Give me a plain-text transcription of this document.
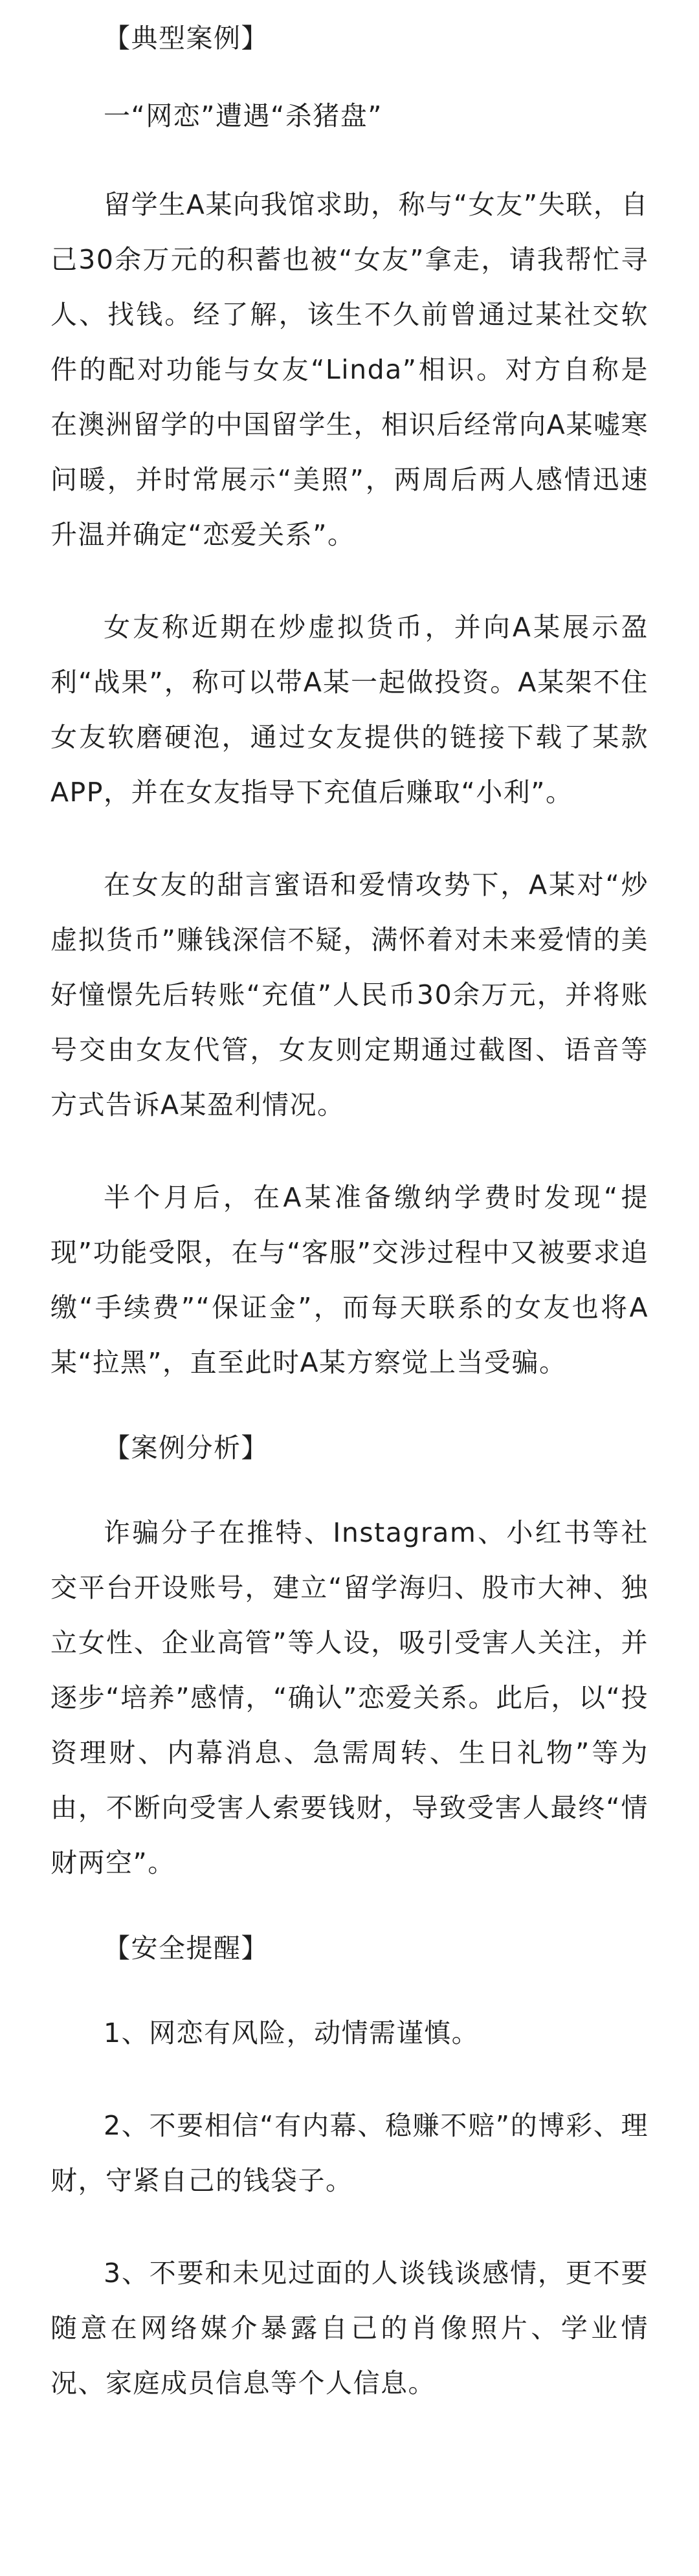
【典型案例】

一“网恋”遭遇“杀猪盘”

留学生A某向我馆求助，称与“女友”失联，自己30余万元的积蓄也被“女友”拿走，请我帮忙寻人、找钱。经了解，该生不久前曾通过某社交软件的配对功能与女友“Linda”相识。对方自称是在澳洲留学的中国留学生，相识后经常向A某嘘寒问暖，并时常展示“美照”，两周后两人感情迅速升温并确定“恋爱关系”。

女友称近期在炒虚拟货币，并向A某展示盈利“战果”，称可以带A某一起做投资。A某架不住女友软磨硬泡，通过女友提供的链接下载了某款APP，并在女友指导下充值后赚取“小利”。

在女友的甜言蜜语和爱情攻势下，A某对“炒虚拟货币”赚钱深信不疑，满怀着对未来爱情的美好憧憬先后转账“充值”人民币30余万元，并将账号交由女友代管，女友则定期通过截图、语音等方式告诉A某盈利情况。

半个月后，在A某准备缴纳学费时发现“提现”功能受限，在与“客服”交涉过程中又被要求追缴“手续费”“保证金”，而每天联系的女友也将A某“拉黑”，直至此时A某方察觉上当受骗。

【案例分析】

诈骗分子在推特、Instagram、小红书等社交平台开设账号，建立“留学海归、股市大神、独立女性、企业高管”等人设，吸引受害人关注，并逐步“培养”感情，“确认”恋爱关系。此后，以“投资理财、内幕消息、急需周转、生日礼物”等为由，不断向受害人索要钱财，导致受害人最终“情财两空”。

【安全提醒】

1、网恋有风险，动情需谨慎。

2、不要相信“有内幕、稳赚不赔”的博彩、理财，守紧自己的钱袋子。

3、不要和未见过面的人谈钱谈感情，更不要随意在网络媒介暴露自己的肖像照片、学业情况、家庭成员信息等个人信息。
